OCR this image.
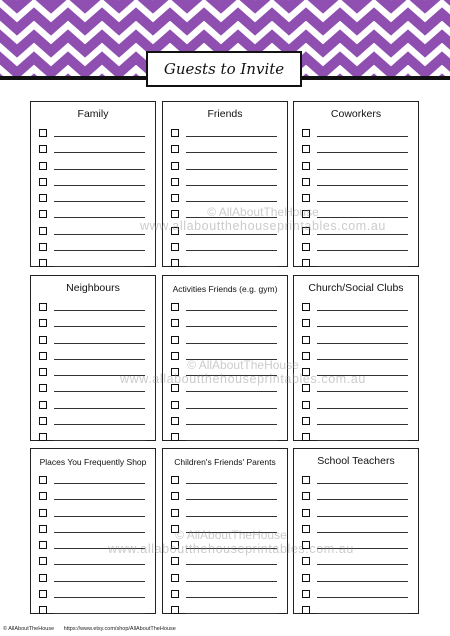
Guests to Invite
Family	Friends	Coworkers
Neighbours	Activities Friends (e.g. gym)	Church/Social Clubs
Places You Frequently Shop	Children's Friends' Parents	School Teachers
© AllAboutTheHouse
www.allaboutthehouseprintables.com.au
© AllAboutTheHouse
www.allaboutthehouseprintables.com.au
© AllAboutTheHouse
www.allaboutthehouseprintables.com.au
© AllAboutTheHouse https://www.etsy.com/shop/AllAboutTheHouse
